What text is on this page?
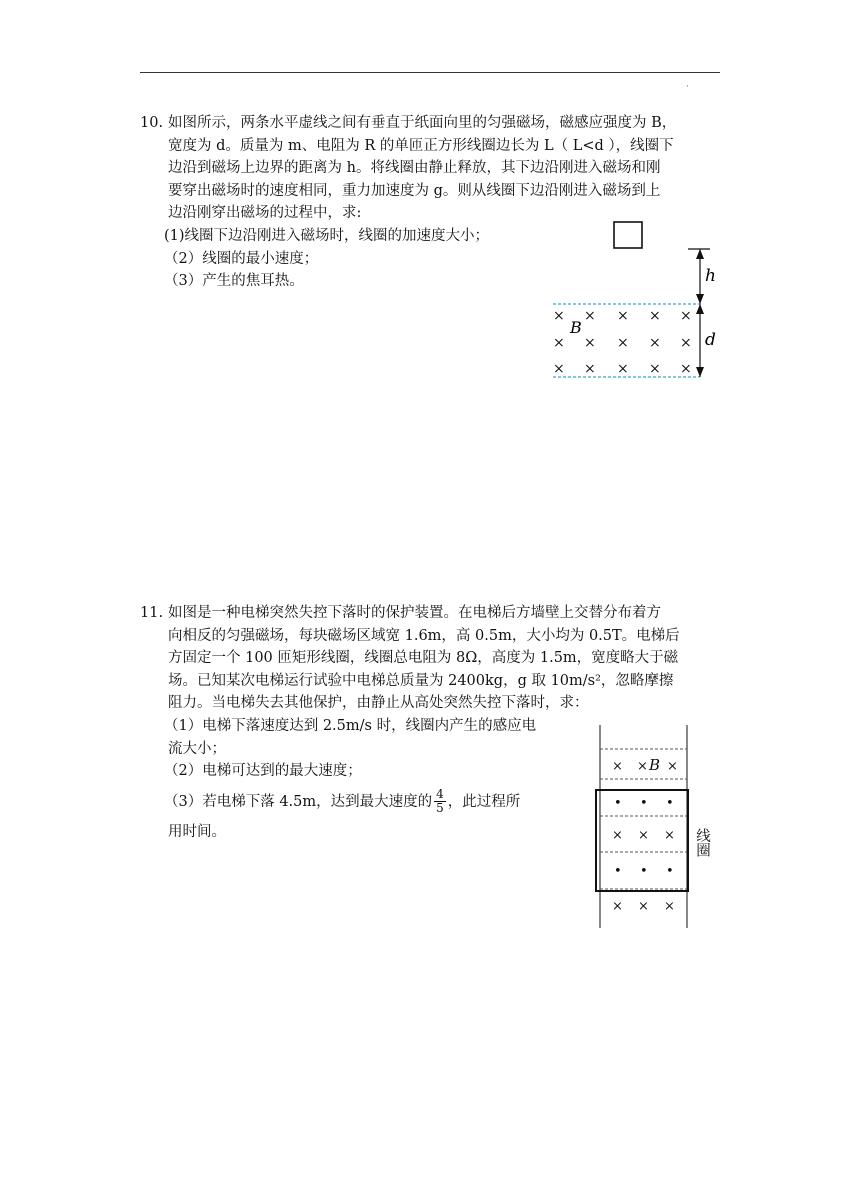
·
10. 如图所示，两条水平虚线之间有垂直于纸面向里的匀强磁场，磁感应强度为 B，
宽度为 d。质量为 m、电阻为 R 的单匝正方形线圈边长为 L（ L<d ），线圈下
边沿到磁场上边界的距离为 h。将线圈由静止释放，其下边沿刚进入磁场和刚
要穿出磁场时的速度相同，重力加速度为 g。则从线圈下边沿刚进入磁场到上
边沿刚穿出磁场的过程中，求:
(1)线圈下边沿刚进入磁场时，线圈的加速度大小；
（2）线圈的最小速度；
（3）产生的焦耳热。	h
d
B
× × × × ×
× × × × ×
× × × × ×
11. 如图是一种电梯突然失控下落时的保护装置。在电梯后方墙壁上交替分布着方
向相反的匀强磁场，每块磁场区域宽 1.6m，高 0.5m，大小均为 0.5T。电梯后
方固定一个 100 匝矩形线圈，线圈总电阻为 8Ω，高度为 1.5m，宽度略大于磁
场。已知某次电梯运行试验中电梯总质量为 2400kg，g 取 10m/s²，忽略摩擦
阻力。当电梯失去其他保护，由静止从高处突然失控下落时，求：
（1）电梯下落速度达到 2.5m/s 时，线圈内产生的感应电
流大小；
（2）电梯可达到的最大速度；
（3）若电梯下落 4.5m，达到最大速度的 $\frac{4}{5}$ ，此过程所
用时间。
× × ×
B
• • •
× × ×
• • •
× × ×
线圈
